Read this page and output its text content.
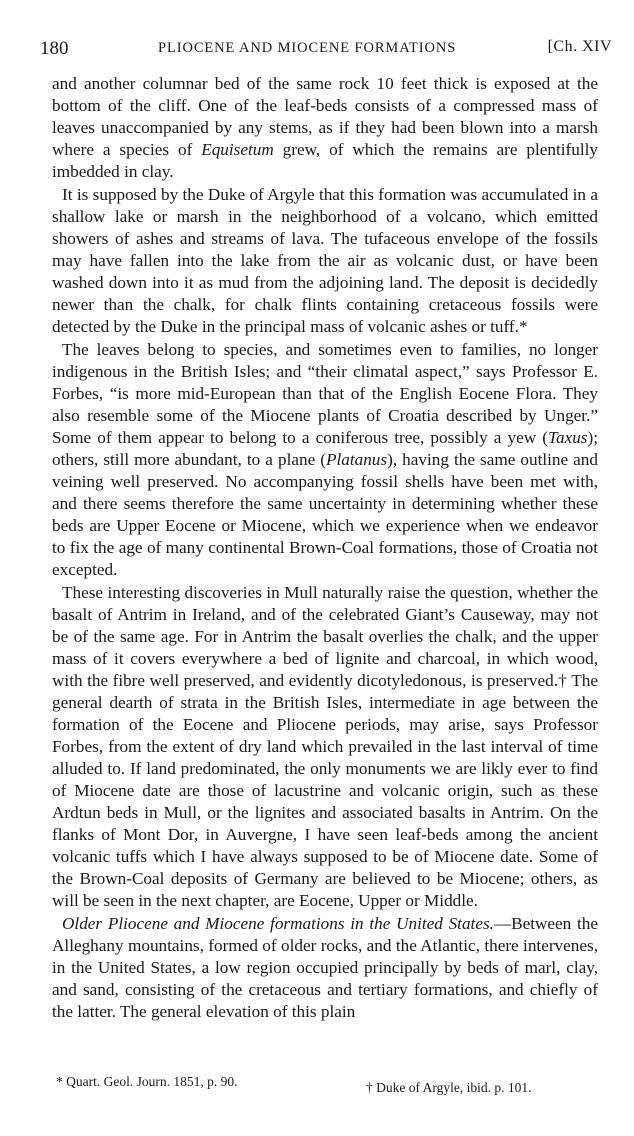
180	PLIOCENE AND MIOCENE FORMATIONS	[Ch. XIV

and another columnar bed of the same rock 10 feet thick is exposed at the bottom of the cliff. One of the leaf-beds consists of a compressed mass of leaves unaccompanied by any stems, as if they had been blown into a marsh where a species of Equisetum grew, of which the remains are plentifully imbedded in clay.

It is supposed by the Duke of Argyle that this formation was accumulated in a shallow lake or marsh in the neighborhood of a volcano, which emitted showers of ashes and streams of lava. The tufaceous envelope of the fossils may have fallen into the lake from the air as volcanic dust, or have been washed down into it as mud from the adjoining land. The deposit is decidedly newer than the chalk, for chalk flints containing cretaceous fossils were detected by the Duke in the principal mass of volcanic ashes or tuff.*

The leaves belong to species, and sometimes even to families, no longer indigenous in the British Isles; and “their climatal aspect,” says Professor E. Forbes, “is more mid-European than that of the English Eocene Flora. They also resemble some of the Miocene plants of Croatia described by Unger.” Some of them appear to belong to a coniferous tree, possibly a yew (Taxus); others, still more abundant, to a plane (Platanus), having the same outline and veining well preserved. No accompanying fossil shells have been met with, and there seems therefore the same uncertainty in determining whether these beds are Upper Eocene or Miocene, which we experience when we endeavor to fix the age of many continental Brown-Coal formations, those of Croatia not excepted.

These interesting discoveries in Mull naturally raise the question, whether the basalt of Antrim in Ireland, and of the celebrated Giant’s Causeway, may not be of the same age. For in Antrim the basalt overlies the chalk, and the upper mass of it covers everywhere a bed of lignite and charcoal, in which wood, with the fibre well preserved, and evidently dicotyledonous, is preserved.† The general dearth of strata in the British Isles, intermediate in age between the formation of the Eocene and Pliocene periods, may arise, says Professor Forbes, from the extent of dry land which prevailed in the last interval of time alluded to. If land predominated, the only monuments we are likly ever to find of Miocene date are those of lacustrine and volcanic origin, such as these Ardtun beds in Mull, or the lignites and associated basalts in Antrim. On the flanks of Mont Dor, in Auvergne, I have seen leaf-beds among the ancient volcanic tuffs which I have always supposed to be of Miocene date. Some of the Brown-Coal deposits of Germany are believed to be Miocene; others, as will be seen in the next chapter, are Eocene, Upper or Middle.

Older Pliocene and Miocene formations in the United States.—Between the Alleghany mountains, formed of older rocks, and the Atlantic, there intervenes, in the United States, a low region occupied principally by beds of marl, clay, and sand, consisting of the cretaceous and tertiary formations, and chiefly of the latter. The general elevation of this plain

* Quart. Geol. Journ. 1851, p. 90.	† Duke of Argyle, ibid. p. 101.
